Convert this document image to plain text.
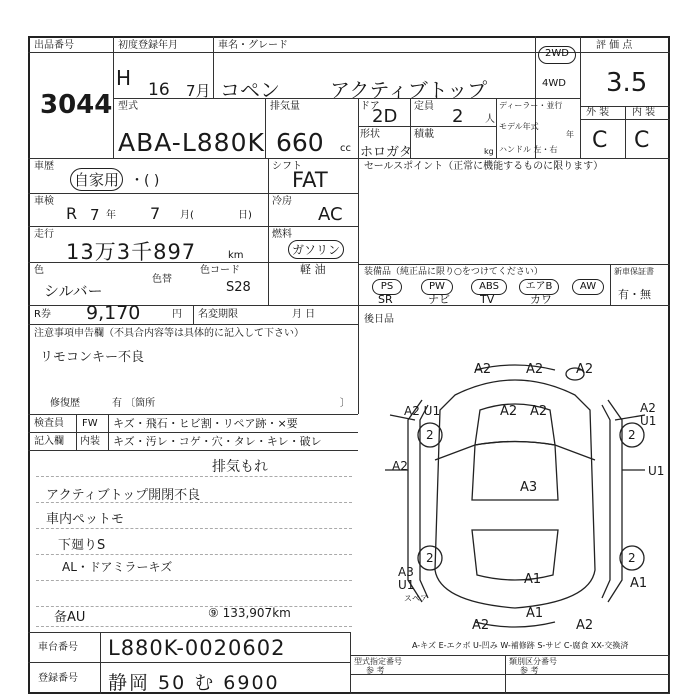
出品番号
3044
初度登録年月
H 16 7月
車名・グレード
コペン	アクティブトップ
2WD
4WD
評 価 点
3.5
外 装 内 装
C C
型式
ABA-L880K
排気量
660 cc
ドア
2D
形状
ホロガタ
定員 2 人
積載
kg
ディーラー・並行
モデル年式
年
ハンドル 左・右
車歴
自家用 ・( )
シフト
FAT
車検
R 7 年 7 月(	日)
冷房
AC
走行
13万3千897	km
燃料
ガソリン
軽 油
色
シルバー
色替
色コード
S28
R券 9,170	円 名変期限	月 日
セールスポイント（正常に機能するものに限ります）
装備品（純正品に限り○をつけてください）	新車保証書
有・無
PS	PW	ABS	エアB	AW
SR	ナビ	TV	カワ
後日品
注意事項申告欄（不具合内容等は具体的に記入して下さい）
リモコンキー不良
修復歴	有 〔箇所	〕
検査員
記入欄
FW
内装
キズ・飛石・ヒビ割・リペア跡・×要
キズ・汚レ・コゲ・穴・タレ・キレ・破レ
排気もれ
アクティブトップ開閉不良
車内ペットモ
下廻りS
AL・ドアミラーキズ
备AU	⑨ 133,907km
A2	A2	A2
A2 A2
A2 U1	A2 U1
U1
A2
A3
A3 U1	A1	A1
A1
A2	A2
2	2
2	2
スペア
A-キズ E-エクボ U-凹み W-補修跡 S-サビ C-腐食 XX-交換済
車台番号 L880K-0020602
登録番号 静岡 50 む 6900
型式指定番号
参 考
類別区分番号
参 考
